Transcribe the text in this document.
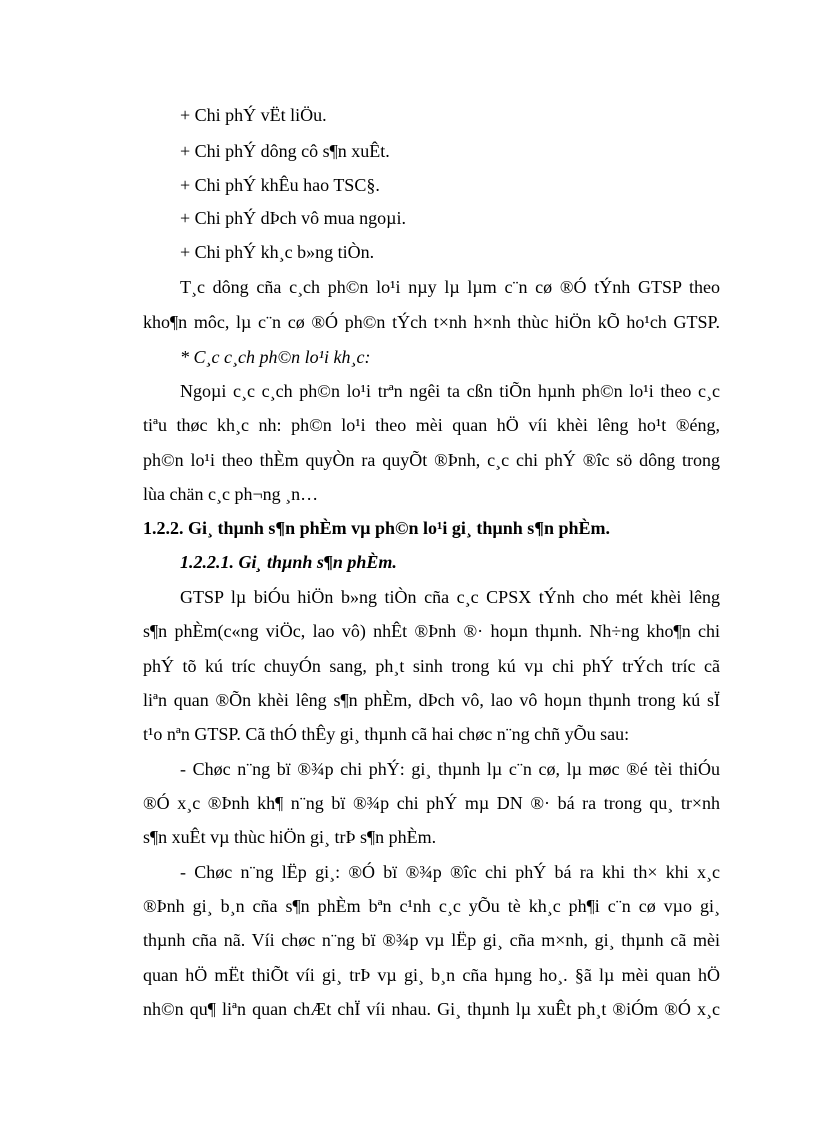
+ Chi phÝ vËt liÖu.
+ Chi phÝ dông cô s¶n xuÊt.
+ Chi phÝ khÊu hao TSC§.
+ Chi phÝ dÞch vô mua ngoµi.
+ Chi phÝ kh¸c b»ng tiÒn.
T¸c dông cña c¸ch ph©n lo¹i nµy lµ lµm c¨n cø ®Ó tÝnh GTSP theo
kho¶n môc, lµ c¨n cø ®Ó ph©n tÝch t×nh h×nh thùc hiÖn kÕ ho¹ch GTSP.
* C¸c c¸ch ph©n lo¹i kh¸c:
Ngoµi c¸c c¸ch ph©n lo¹i trªn ngêi ta cßn tiÕn hµnh ph©n lo¹i theo c¸c
tiªu thøc kh¸c nh: ph©n lo¹i theo mèi quan hÖ víi khèi lêng ho¹t ®éng,
ph©n lo¹i theo thÈm quyÒn ra quyÕt ®Þnh, c¸c chi phÝ ®îc sö dông trong
lùa chän c¸c ph¬ng ¸n…
1.2.2. Gi¸ thµnh s¶n phÈm vµ ph©n lo¹i gi¸ thµnh s¶n phÈm.
1.2.2.1. Gi¸ thµnh s¶n phÈm.
GTSP lµ biÓu hiÖn b»ng tiÒn cña c¸c CPSX tÝnh cho mét khèi lêng
s¶n phÈm(c«ng viÖc, lao vô) nhÊt ®Þnh ®· hoµn thµnh. Nh÷ng kho¶n chi
phÝ tõ kú tríc chuyÓn sang, ph¸t sinh trong kú vµ chi phÝ trÝch tríc cã
liªn quan ®Õn khèi lêng s¶n phÈm, dÞch vô, lao vô hoµn thµnh trong kú sÏ
t¹o nªn GTSP. Cã thÓ thÊy gi¸ thµnh cã hai chøc n¨ng chñ yÕu sau:
- Chøc n¨ng bï ®¾p chi phÝ: gi¸ thµnh lµ c¨n cø, lµ møc ®é tèi thiÓu
®Ó x¸c ®Þnh kh¶ n¨ng bï ®¾p chi phÝ mµ DN ®· bá ra trong qu¸ tr×nh
s¶n xuÊt vµ thùc hiÖn gi¸ trÞ s¶n phÈm.
- Chøc n¨ng lËp gi¸: ®Ó bï ®¾p ®îc chi phÝ bá ra khi th× khi x¸c
®Þnh gi¸ b¸n cña s¶n phÈm bªn c¹nh c¸c yÕu tè kh¸c ph¶i c¨n cø vµo gi¸
thµnh cña nã. Víi chøc n¨ng bï ®¾p vµ lËp gi¸ cña m×nh, gi¸ thµnh cã mèi
quan hÖ mËt thiÕt víi gi¸ trÞ vµ gi¸ b¸n cña hµng ho¸. §ã lµ mèi quan hÖ
nh©n qu¶ liªn quan chÆt chÏ víi nhau. Gi¸ thµnh lµ xuÊt ph¸t ®iÓm ®Ó x¸c
